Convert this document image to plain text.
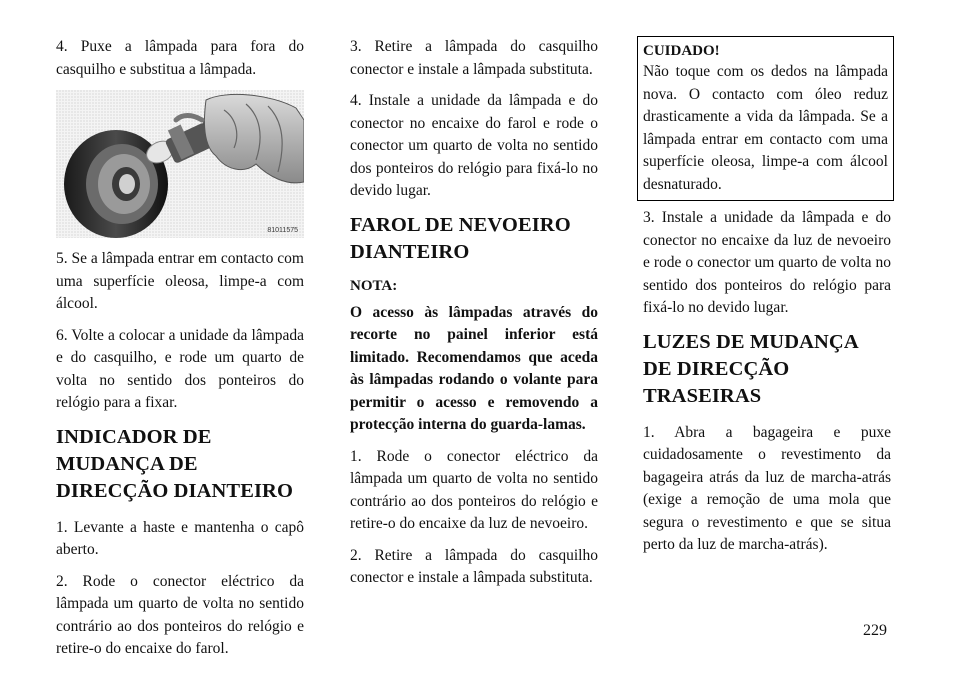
4. Puxe a lâmpada para fora do casquilho e substitua a lâmpada.

81011575

5. Se a lâmpada entrar em contacto com uma superfície oleosa, limpe-a com álcool.

6. Volte a colocar a unidade da lâmpada e do casquilho, e rode um quarto de volta no sentido dos ponteiros do relógio para a fixar.

INDICADOR DE MUDANÇA DE DIRECÇÃO DIANTEIRO

1. Levante a haste e mantenha o capô aberto.

2. Rode o conector eléctrico da lâmpada um quarto de volta no sentido contrário ao dos ponteiros do relógio e retire-o do encaixe do farol.

3. Retire a lâmpada do casquilho conector e instale a lâmpada substituta.

4. Instale a unidade da lâmpada e do conector no encaixe do farol e rode o conector um quarto de volta no sentido dos ponteiros do relógio para fixá-lo no devido lugar.

FAROL DE NEVOEIRO DIANTEIRO
NOTA:

O acesso às lâmpadas através do recorte no painel inferior está limitado. Recomendamos que aceda às lâmpadas rodando o volante para permitir o acesso e removendo a protecção interna do guarda-lamas.

1. Rode o conector eléctrico da lâmpada um quarto de volta no sentido contrário ao dos ponteiros do relógio e retire-o do encaixe da luz de nevoeiro.

2. Retire a lâmpada do casquilho conector e instale a lâmpada substituta.

CUIDADO!

Não toque com os dedos na lâmpada nova. O contacto com óleo reduz drasticamente a vida da lâmpada. Se a lâmpada entrar em contacto com uma superfície oleosa, limpe-a com álcool desnaturado.

3. Instale a unidade da lâmpada e do conector no encaixe da luz de nevoeiro e rode o conector um quarto de volta no sentido dos ponteiros do relógio para fixá-lo no devido lugar.

LUZES DE MUDANÇA DE DIRECÇÃO TRASEIRAS

1. Abra a bagageira e puxe cuidadosamente o revestimento da bagageira atrás da luz de marcha-atrás (exige a remoção de uma mola que segura o revestimento e que se situa perto da luz de marcha-atrás).

229
